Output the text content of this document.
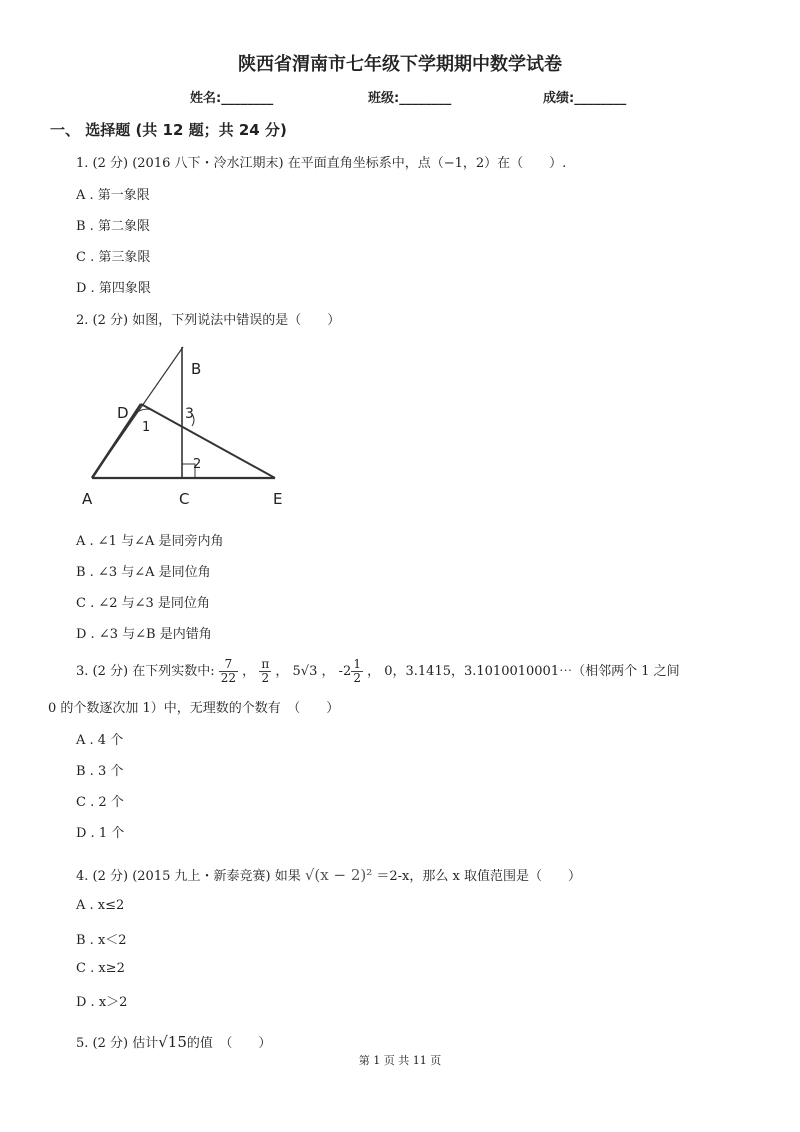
陕西省渭南市七年级下学期期中数学试卷
姓名:________	班级:________	成绩:________
一、 选择题 (共 12 题；共 24 分)
1. (2 分) (2016 八下・冷水江期末) 在平面直角坐标系中，点（−1，2）在（　　）.
A . 第一象限
B . 第二象限
C . 第三象限
D . 第四象限
2. (2 分) 如图，下列说法中错误的是（　　）
A
B
C
D
E
1
2
3
A . ∠1 与∠A 是同旁内角
B . ∠3 与∠A 是同位角
C . ∠2 与∠3 是同位角
D . ∠3 与∠B 是内错角
3. (2 分) 在下列实数中: $\frac{7}{22}$ ， $\frac{\pi}{2}$ ， 5√3 ， $-2 \frac{1}{2}$ ， 0，3.1415，3.1010010001⋯（相邻两个 1 之间
0 的个数逐次加 1）中，无理数的个数有　（　　）
A . 4 个
B . 3 个
C . 2 个
D . 1 个
4. (2 分) (2015 九上・新泰竞赛) 如果 √(x − 2)² ＝2-x，那么 x 取值范围是（　　）
A . x≤2
B . x＜2
C . x≥2
D . x＞2
5. (2 分) 估计√15的值　（　　）
第 1 页 共 11 页
